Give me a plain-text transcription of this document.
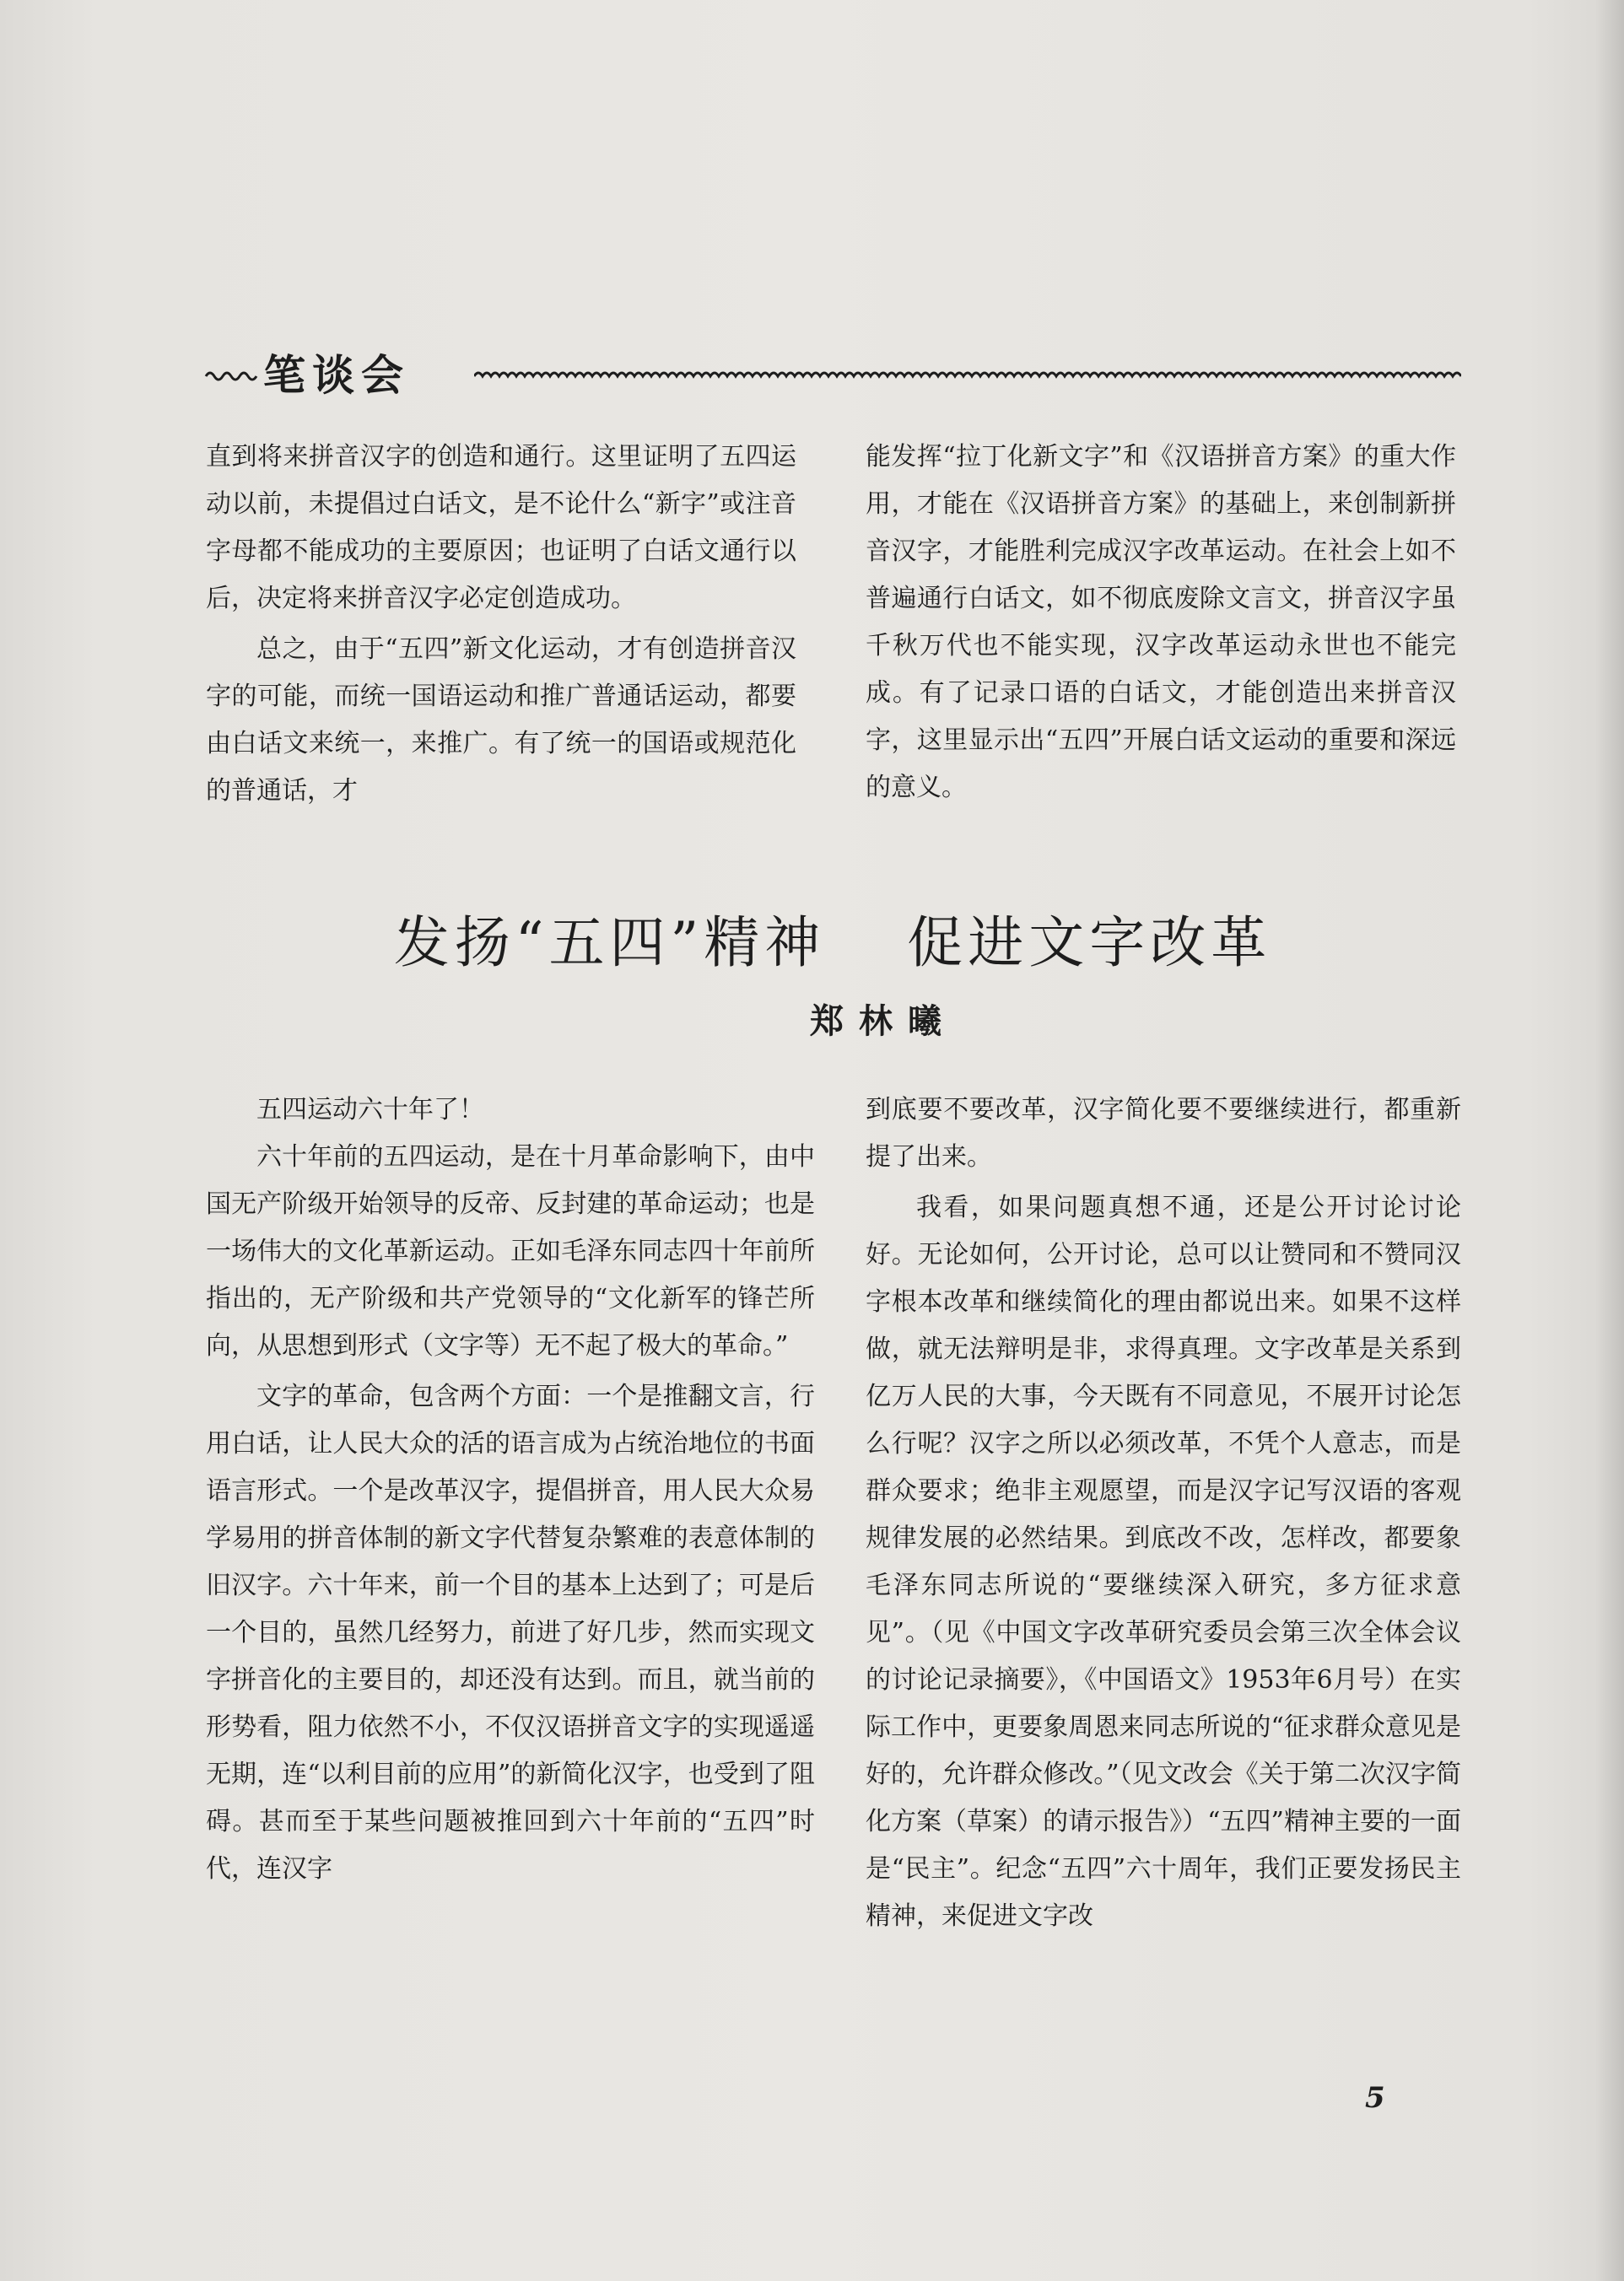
笔谈会

直到将来拼音汉字的创造和通行。这里证明了五四运动以前，未提倡过白话文，是不论什么“新字”或注音字母都不能成功的主要原因；也证明了白话文通行以后，决定将来拼音汉字必定创造成功。

总之，由于“五四”新文化运动，才有创造拼音汉字的可能，而统一国语运动和推广普通话运动，都要由白话文来统一，来推广。有了统一的国语或规范化的普通话，才

能发挥“拉丁化新文字”和《汉语拼音方案》的重大作用，才能在《汉语拼音方案》的基础上，来创制新拼音汉字，才能胜利完成汉字改革运动。在社会上如不普遍通行白话文，如不彻底废除文言文，拼音汉字虽千秋万代也不能实现，汉字改革运动永世也不能完成。有了记录口语的白话文，才能创造出来拼音汉字，这里显示出“五四”开展白话文运动的重要和深远的意义。

发扬“五四”精神 促进文字改革
郑林曦

五四运动六十年了！

六十年前的五四运动，是在十月革命影响下，由中国无产阶级开始领导的反帝、反封建的革命运动；也是一场伟大的文化革新运动。正如毛泽东同志四十年前所指出的，无产阶级和共产党领导的“文化新军的锋芒所向，从思想到形式（文字等）无不起了极大的革命。”

文字的革命，包含两个方面：一个是推翻文言，行用白话，让人民大众的活的语言成为占统治地位的书面语言形式。一个是改革汉字，提倡拼音，用人民大众易学易用的拼音体制的新文字代替复杂繁难的表意体制的旧汉字。六十年来，前一个目的基本上达到了；可是后一个目的，虽然几经努力，前进了好几步，然而实现文字拼音化的主要目的，却还没有达到。而且，就当前的形势看，阻力依然不小，不仅汉语拼音文字的实现遥遥无期，连“以利目前的应用”的新简化汉字，也受到了阻碍。甚而至于某些问题被推回到六十年前的“五四”时代，连汉字

到底要不要改革，汉字简化要不要继续进行，都重新提了出来。

我看，如果问题真想不通，还是公开讨论讨论好。无论如何，公开讨论，总可以让赞同和不赞同汉字根本改革和继续简化的理由都说出来。如果不这样做，就无法辩明是非，求得真理。文字改革是关系到亿万人民的大事，今天既有不同意见，不展开讨论怎么行呢？汉字之所以必须改革，不凭个人意志，而是群众要求；绝非主观愿望，而是汉字记写汉语的客观规律发展的必然结果。到底改不改，怎样改，都要象毛泽东同志所说的“要继续深入研究，多方征求意见”。（见《中国文字改革研究委员会第三次全体会议的讨论记录摘要》，《中国语文》1953年6月号）在实际工作中，更要象周恩来同志所说的“征求群众意见是好的，允许群众修改。”（见文改会《关于第二次汉字简化方案（草案）的请示报告》）“五四”精神主要的一面是“民主”。纪念“五四”六十周年，我们正要发扬民主精神，来促进文字改

5
